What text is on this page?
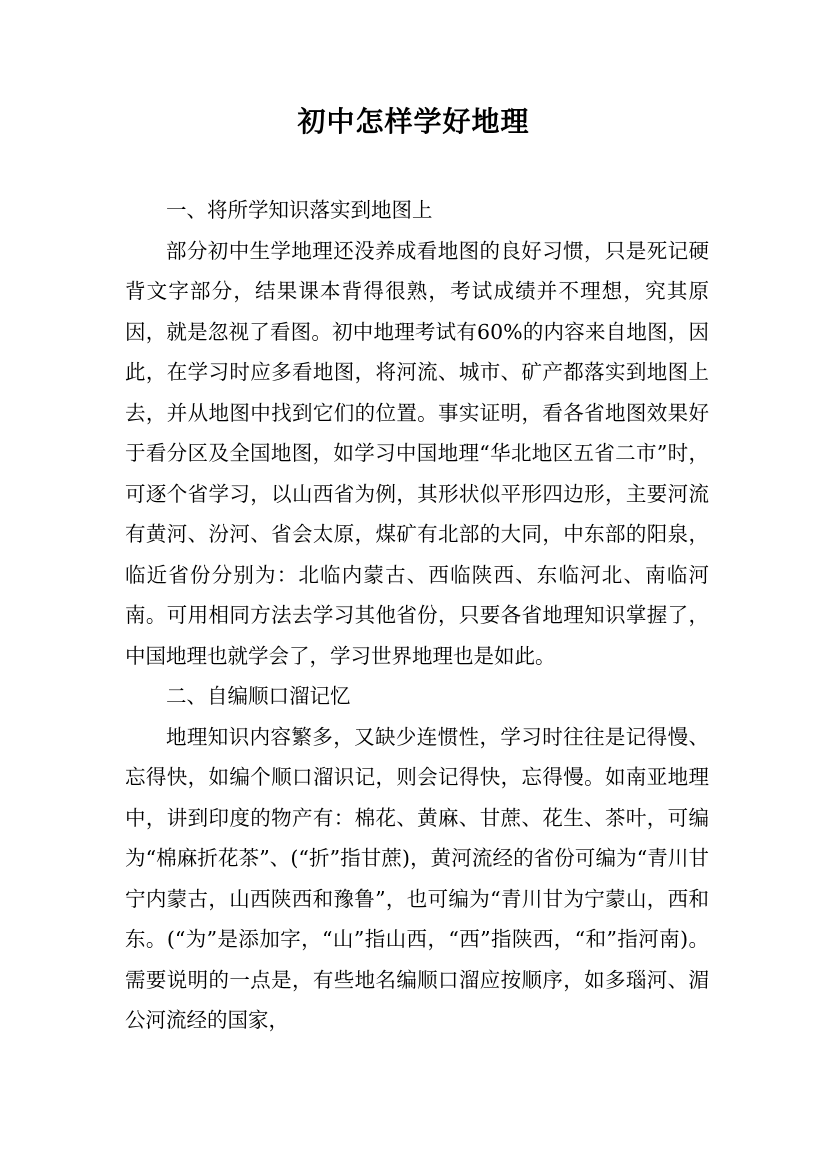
初中怎样学好地理

一、将所学知识落实到地图上

部分初中生学地理还没养成看地图的良好习惯，只是死记硬背文字部分，结果课本背得很熟，考试成绩并不理想，究其原因，就是忽视了看图。初中地理考试有60%的内容来自地图，因此，在学习时应多看地图，将河流、城市、矿产都落实到地图上去，并从地图中找到它们的位置。事实证明，看各省地图效果好于看分区及全国地图，如学习中国地理“华北地区五省二市”时，可逐个省学习，以山西省为例，其形状似平形四边形，主要河流有黄河、汾河、省会太原，煤矿有北部的大同，中东部的阳泉，临近省份分别为：北临内蒙古、西临陕西、东临河北、南临河南。可用相同方法去学习其他省份，只要各省地理知识掌握了，中国地理也就学会了，学习世界地理也是如此。

二、自编顺口溜记忆

地理知识内容繁多，又缺少连惯性，学习时往往是记得慢、忘得快，如编个顺口溜识记，则会记得快，忘得慢。如南亚地理中，讲到印度的物产有：棉花、黄麻、甘蔗、花生、茶叶，可编为“棉麻折花茶”、(“折”指甘蔗)，黄河流经的省份可编为“青川甘宁内蒙古，山西陕西和豫鲁”，也可编为“青川甘为宁蒙山，西和东。(“为”是添加字，“山”指山西，“西”指陕西，“和”指河南)。需要说明的一点是，有些地名编顺口溜应按顺序，如多瑙河、湄公河流经的国家，
